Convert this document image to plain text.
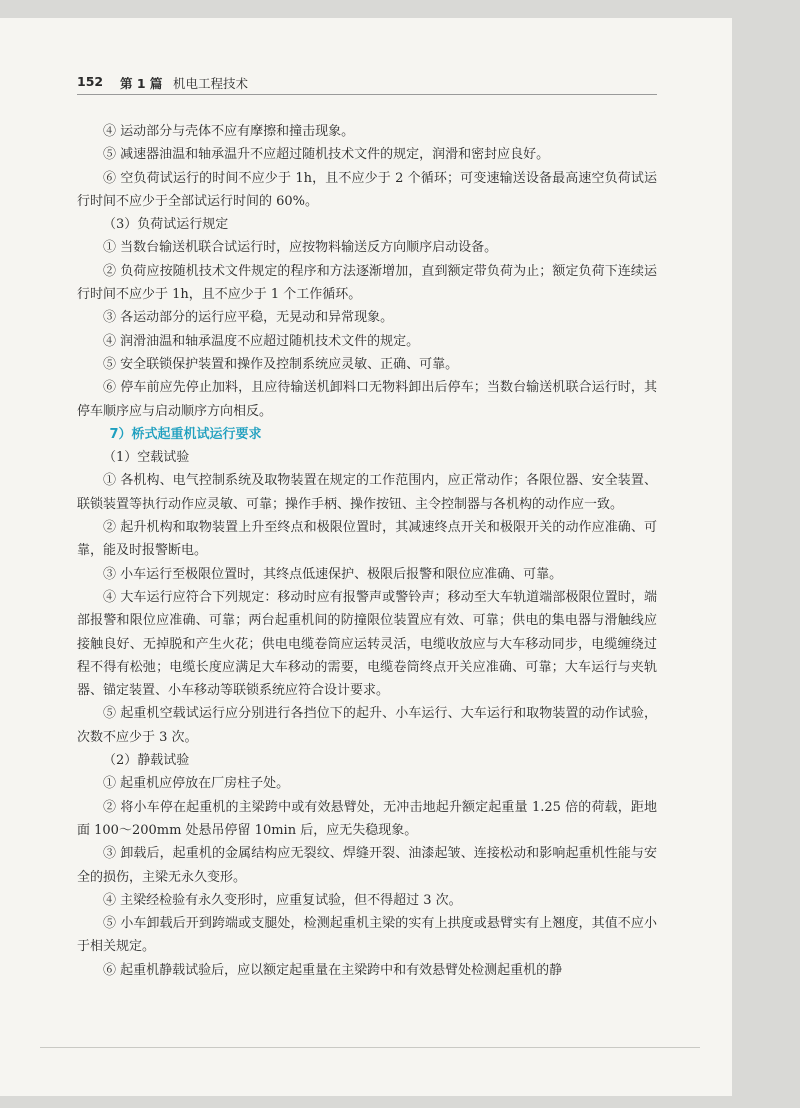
152 第 1 篇 机电工程技术

④ 运动部分与壳体不应有摩擦和撞击现象。

⑤ 减速器油温和轴承温升不应超过随机技术文件的规定，润滑和密封应良好。

⑥ 空负荷试运行的时间不应少于 1h，且不应少于 2 个循环；可变速输送设备最高速空负荷试运行时间不应少于全部试运行时间的 60%。

（3）负荷试运行规定

① 当数台输送机联合试运行时，应按物料输送反方向顺序启动设备。

② 负荷应按随机技术文件规定的程序和方法逐渐增加，直到额定带负荷为止；额定负荷下连续运行时间不应少于 1h，且不应少于 1 个工作循环。

③ 各运动部分的运行应平稳，无晃动和异常现象。

④ 润滑油温和轴承温度不应超过随机技术文件的规定。

⑤ 安全联锁保护装置和操作及控制系统应灵敏、正确、可靠。

⑥ 停车前应先停止加料，且应待输送机卸料口无物料卸出后停车；当数台输送机联合运行时，其停车顺序应与启动顺序方向相反。

7）桥式起重机试运行要求

（1）空载试验

① 各机构、电气控制系统及取物装置在规定的工作范围内，应正常动作；各限位器、安全装置、联锁装置等执行动作应灵敏、可靠；操作手柄、操作按钮、主令控制器与各机构的动作应一致。

② 起升机构和取物装置上升至终点和极限位置时，其减速终点开关和极限开关的动作应准确、可靠，能及时报警断电。

③ 小车运行至极限位置时，其终点低速保护、极限后报警和限位应准确、可靠。

④ 大车运行应符合下列规定：移动时应有报警声或警铃声；移动至大车轨道端部极限位置时，端部报警和限位应准确、可靠；两台起重机间的防撞限位装置应有效、可靠；供电的集电器与滑触线应接触良好、无掉脱和产生火花；供电电缆卷筒应运转灵活，电缆收放应与大车移动同步，电缆缠绕过程不得有松弛；电缆长度应满足大车移动的需要，电缆卷筒终点开关应准确、可靠；大车运行与夹轨器、锚定装置、小车移动等联锁系统应符合设计要求。

⑤ 起重机空载试运行应分别进行各挡位下的起升、小车运行、大车运行和取物装置的动作试验，次数不应少于 3 次。

（2）静载试验

① 起重机应停放在厂房柱子处。

② 将小车停在起重机的主梁跨中或有效悬臂处，无冲击地起升额定起重量 1.25 倍的荷载，距地面 100～200mm 处悬吊停留 10min 后，应无失稳现象。

③ 卸载后，起重机的金属结构应无裂纹、焊缝开裂、油漆起皱、连接松动和影响起重机性能与安全的损伤，主梁无永久变形。

④ 主梁经检验有永久变形时，应重复试验，但不得超过 3 次。

⑤ 小车卸载后开到跨端或支腿处，检测起重机主梁的实有上拱度或悬臂实有上翘度，其值不应小于相关规定。

⑥ 起重机静载试验后，应以额定起重量在主梁跨中和有效悬臂处检测起重机的静
